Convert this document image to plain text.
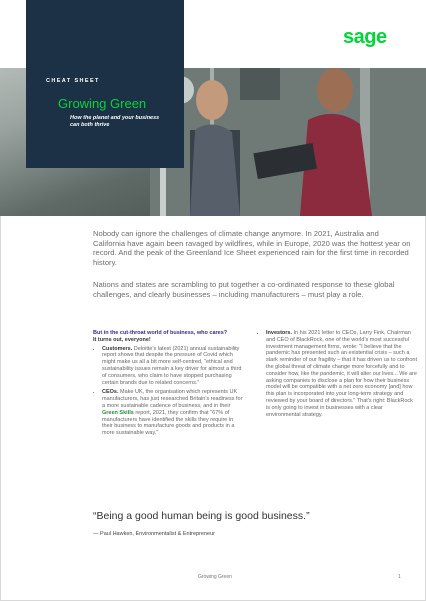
CHEAT SHEET
Growing Green
How the planet and your business can both thrive
sage

Nobody can ignore the challenges of climate change anymore. In 2021, Australia and California have again been ravaged by wildfires, while in Europe, 2020 was the hottest year on record. And the peak of the Greenland Ice Sheet experienced rain for the first time in recorded history.

Nations and states are scrambling to put together a co-ordinated response to these global challenges, and clearly businesses – including manufacturers – must play a role.

But in the cut-throat world of business, who cares?

It turns out, everyone!

• Customers. Deloitte's latest (2021) annual sustainability report shows that despite the pressure of Covid which might make us all a bit more self-centred, "ethical and sustainability issues remain a key driver for almost a third of consumers, who claim to have stopped purchasing certain brands due to related concerns."
• CEOs. Make UK, the organisation which represents UK manufacturers, has just researched Britain's readiness for a more sustainable cadence of business, and in their Green Skills report, 2021, they confirm that "67% of manufacturers have identified the skills they require in their business to manufacture goods and products in a more sustainable way."
• Investors. In his 2021 letter to CEOs, Larry Fink, Chairman and CEO of BlackRock, one of the world's most successful investment management firms, wrote: "I believe that the pandemic has presented such an existential crisis – such a stark reminder of our fragility – that it has driven us to confront the global threat of climate change more forcefully and to consider how, like the pandemic, it will alter our lives... We are asking companies to disclose a plan for how their business model will be compatible with a net zero economy [and] how this plan is incorporated into your long-term strategy and reviewed by your board of directors." That's right: BlackRock is only going to invest in businesses with a clear environmental strategy.

“Being a good human being is good business.”

— Paul Hawken, Environmentalist & Entrepreneur

Growing Green	1
